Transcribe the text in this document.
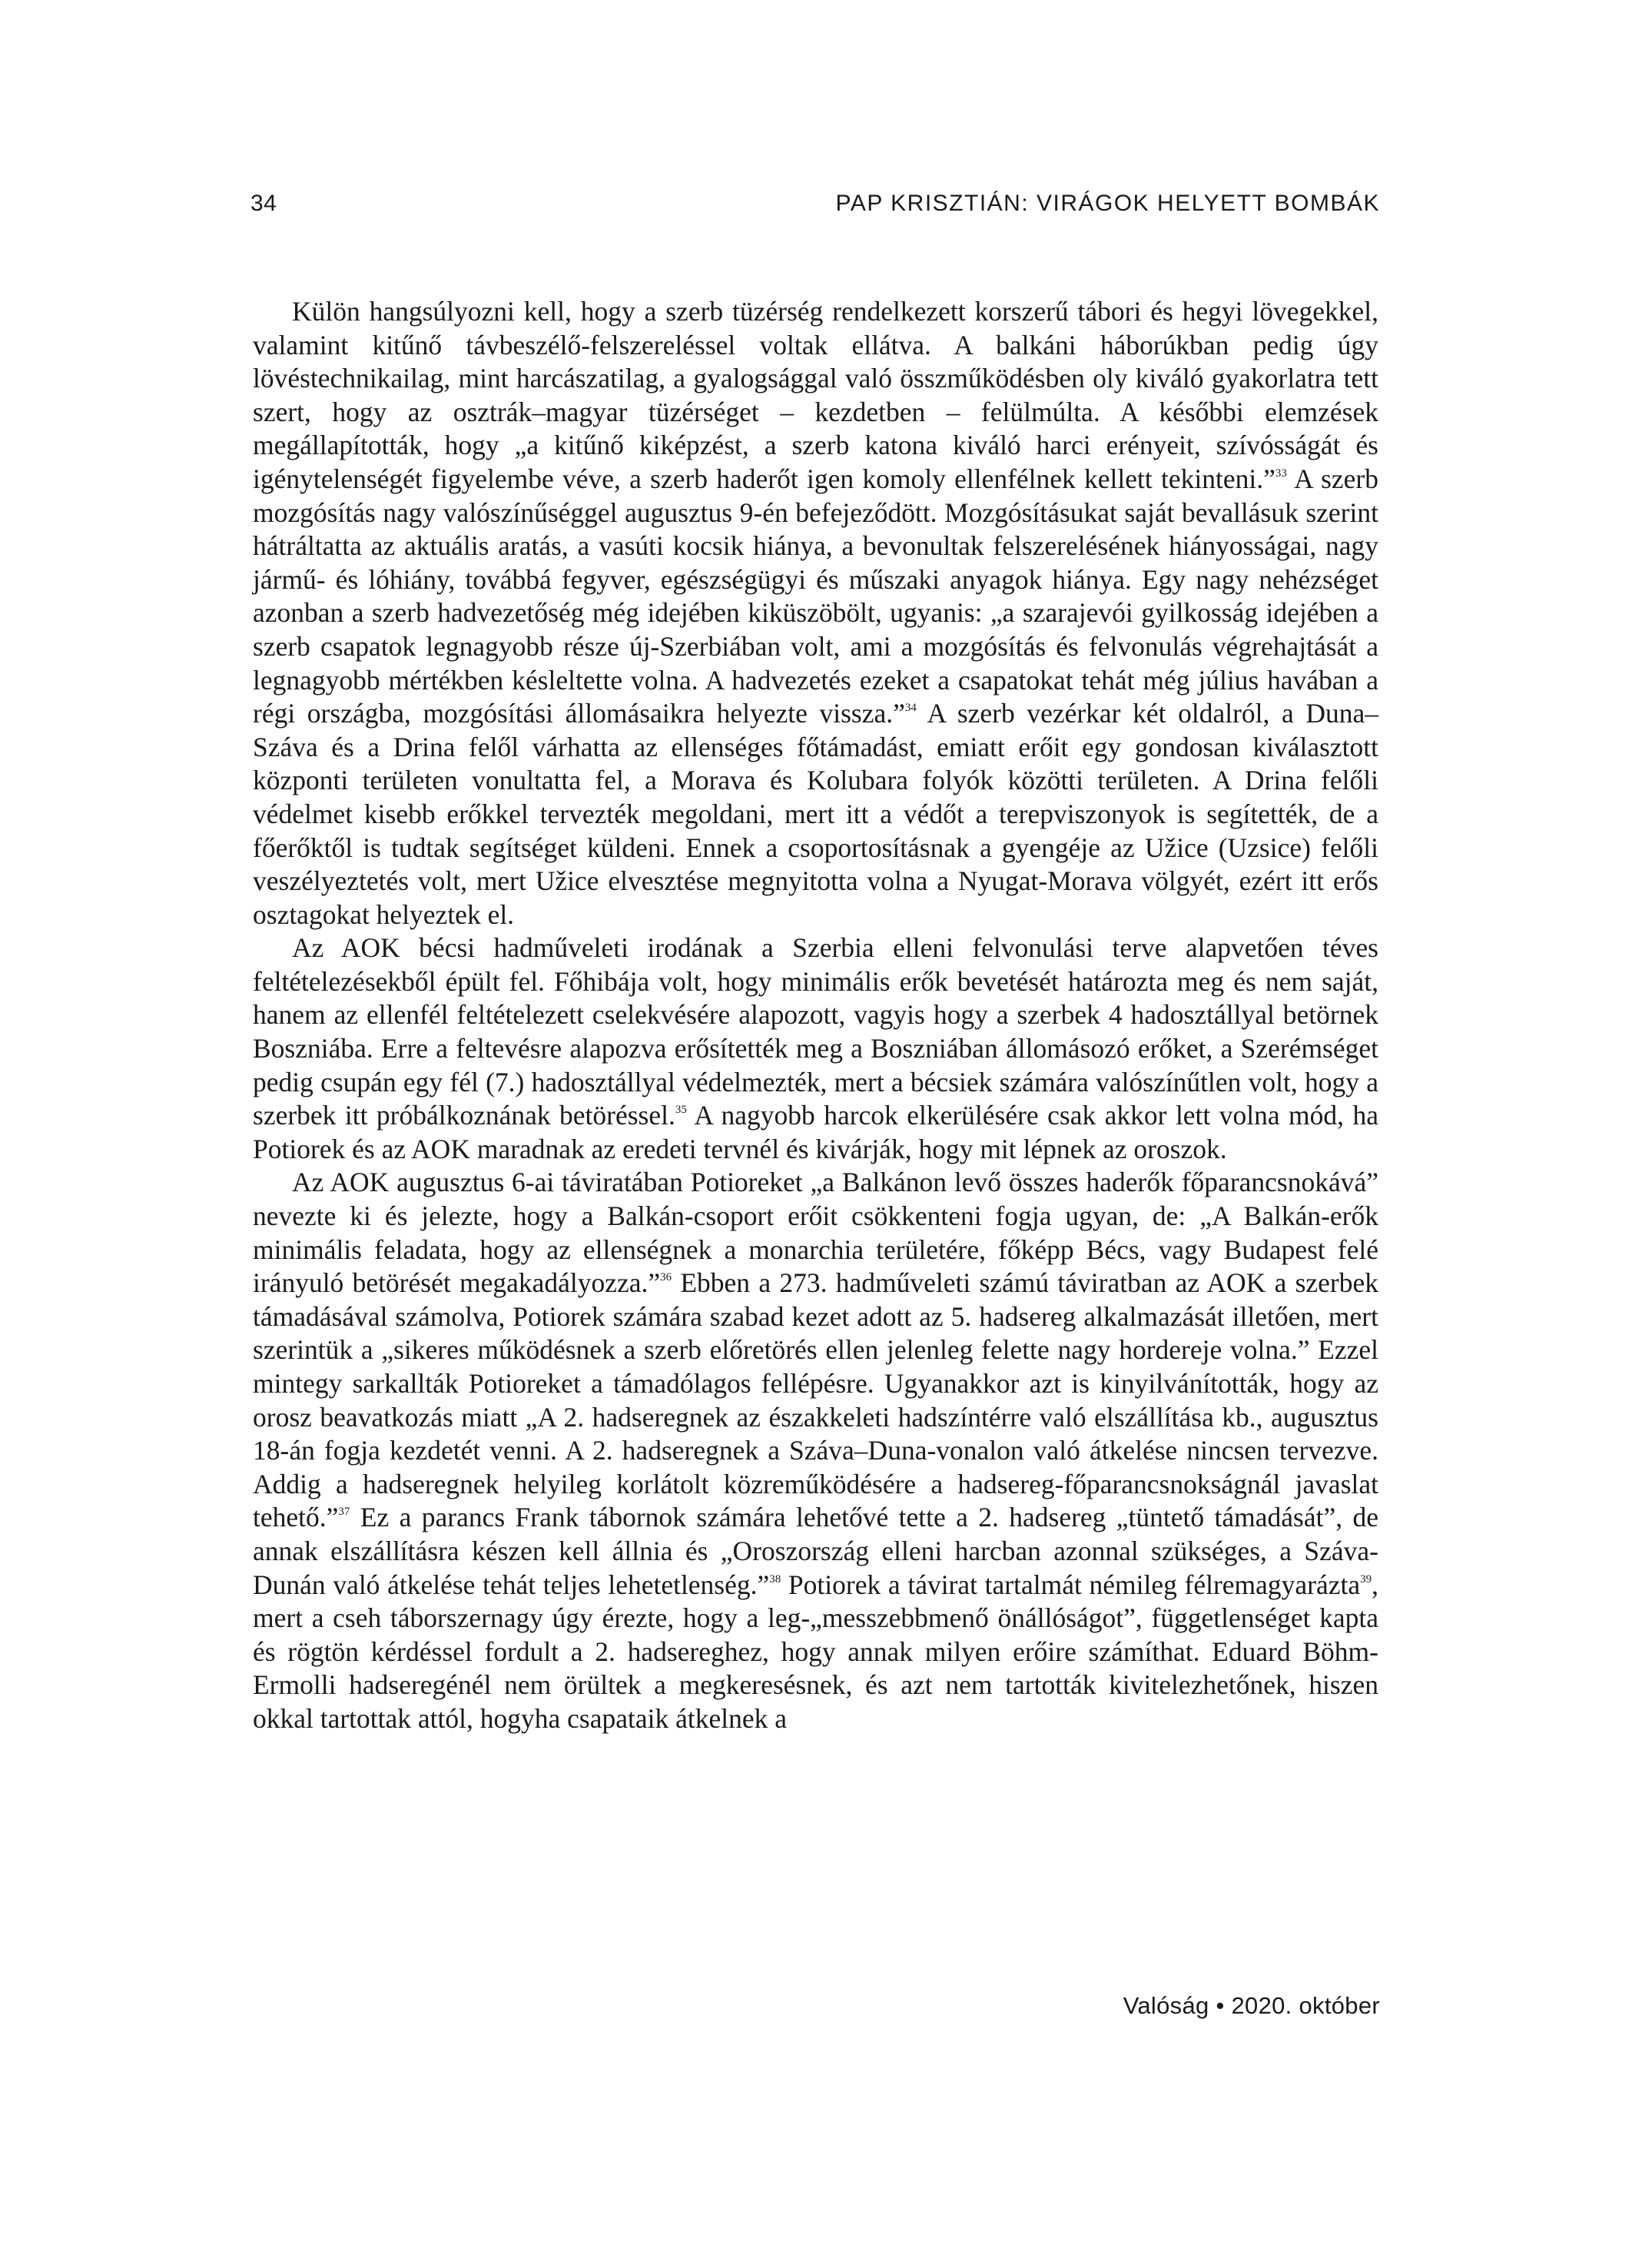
34	PAP KRISZTIÁN: VIRÁGOK HELYETT BOMBÁK

Külön hangsúlyozni kell, hogy a szerb tüzérség rendelkezett korszerű tábori és hegyi lövegekkel, valamint kitűnő távbeszélő-felszereléssel voltak ellátva. A balkáni háborúkban pedig úgy lövéstechnikailag, mint harcászatilag, a gyalogsággal való összműködésben oly kiváló gyakorlatra tett szert, hogy az osztrák–magyar tüzérséget – kezdetben – felülmúlta. A későbbi elemzések megállapították, hogy „a kitűnő kiképzést, a szerb katona kiváló harci erényeit, szívósságát és igénytelenségét figyelembe véve, a szerb haderőt igen komoly ellenfélnek kellett tekinteni.”$^{33}$ A szerb mozgósítás nagy valószínűséggel augusztus 9-én befejeződött. Mozgósításukat saját bevallásuk szerint hátráltatta az aktuális aratás, a vasúti kocsik hiánya, a bevonultak felszerelésének hiányosságai, nagy jármű- és lóhiány, továbbá fegyver, egészségügyi és műszaki anyagok hiánya. Egy nagy nehézséget azonban a szerb hadvezetőség még idejében kiküszöbölt, ugyanis: „a szarajevói gyilkosság idejében a szerb csapatok legnagyobb része új-Szerbiában volt, ami a mozgósítás és felvonulás végrehajtását a legnagyobb mértékben késleltette volna. A hadvezetés ezeket a csapatokat tehát még július havában a régi országba, mozgósítási állomásaikra helyezte vissza.”$^{34}$ A szerb vezérkar két oldalról, a Duna–Száva és a Drina felől várhatta az ellenséges főtámadást, emiatt erőit egy gondosan kiválasztott központi területen vonultatta fel, a Morava és Kolubara folyók közötti területen. A Drina felőli védelmet kisebb erőkkel tervezték megoldani, mert itt a védőt a terepviszonyok is segítették, de a főerőktől is tudtak segítséget küldeni. Ennek a csoportosításnak a gyengéje az Užice (Uzsice) felőli veszélyeztetés volt, mert Užice elvesztése megnyitotta volna a Nyugat-Morava völgyét, ezért itt erős osztagokat helyeztek el.

Az AOK bécsi hadműveleti irodának a Szerbia elleni felvonulási terve alapvetően téves feltételezésekből épült fel. Főhibája volt, hogy minimális erők bevetését határozta meg és nem saját, hanem az ellenfél feltételezett cselekvésére alapozott, vagyis hogy a szerbek 4 hadosztállyal betörnek Boszniába. Erre a feltevésre alapozva erősítették meg a Boszniában állomásozó erőket, a Szerémséget pedig csupán egy fél (7.) hadosztállyal védelmezték, mert a bécsiek számára valószínűtlen volt, hogy a szerbek itt próbálkoznának betöréssel.$^{35}$ A nagyobb harcok elkerülésére csak akkor lett volna mód, ha Potiorek és az AOK maradnak az eredeti tervnél és kivárják, hogy mit lépnek az oroszok.

Az AOK augusztus 6-ai táviratában Potioreket „a Balkánon levő összes haderők főparancsnokává” nevezte ki és jelezte, hogy a Balkán-csoport erőit csökkenteni fogja ugyan, de: „A Balkán-erők minimális feladata, hogy az ellenségnek a monarchia területére, főképp Bécs, vagy Budapest felé irányuló betörését megakadályozza.”$^{36}$ Ebben a 273. hadműveleti számú táviratban az AOK a szerbek támadásával számolva, Potiorek számára szabad kezet adott az 5. hadsereg alkalmazását illetően, mert szerintük a „sikeres működésnek a szerb előretörés ellen jelenleg felette nagy hordereje volna.” Ezzel mintegy sarkallták Potioreket a támadólagos fellépésre. Ugyanakkor azt is kinyilvánították, hogy az orosz beavatkozás miatt „A 2. hadseregnek az északkeleti hadszíntérre való elszállítása kb., augusztus 18-án fogja kezdetét venni. A 2. hadseregnek a Száva–Duna-vonalon való átkelése nincsen tervezve. Addig a hadseregnek helyileg korlátolt közreműködésére a hadsereg-főparancsnokságnál javaslat tehető.”$^{37}$ Ez a parancs Frank tábornok számára lehetővé tette a 2. hadsereg „tüntető támadását”, de annak elszállításra készen kell állnia és „Oroszország elleni harcban azonnal szükséges, a Száva-Dunán való átkelése tehát teljes lehetetlenség.”$^{38}$ Potiorek a távirat tartalmát némileg félremagyarázta$^{39}$, mert a cseh táborszernagy úgy érezte, hogy a leg-„messzebbmenő önállóságot”, függetlenséget kapta és rögtön kérdéssel fordult a 2. hadsereghez, hogy annak milyen erőire számíthat. Eduard Böhm-Ermolli hadseregénél nem örültek a megkeresésnek, és azt nem tartották kivitelezhetőnek, hiszen okkal tartottak attól, hogyha csapataik átkelnek a

Valóság • 2020. október
